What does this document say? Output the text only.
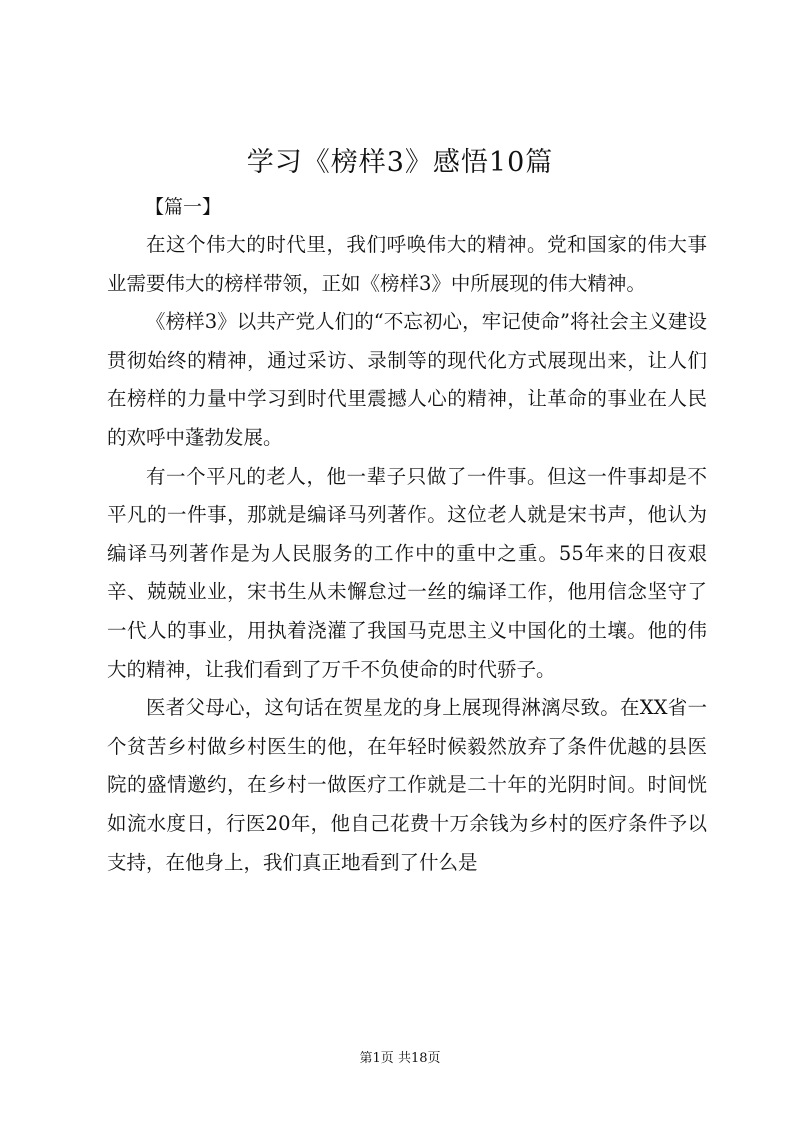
学习《榜样3》感悟10篇

【篇一】

在这个伟大的时代里，我们呼唤伟大的精神。党和国家的伟大事业需要伟大的榜样带领，正如《榜样3》中所展现的伟大精神。

《榜样3》以共产党人们的“不忘初心，牢记使命”将社会主义建设贯彻始终的精神，通过采访、录制等的现代化方式展现出来，让人们在榜样的力量中学习到时代里震撼人心的精神，让革命的事业在人民的欢呼中蓬勃发展。

有一个平凡的老人，他一辈子只做了一件事。但这一件事却是不平凡的一件事，那就是编译马列著作。这位老人就是宋书声，他认为编译马列著作是为人民服务的工作中的重中之重。55年来的日夜艰辛、兢兢业业，宋书生从未懈怠过一丝的编译工作，他用信念坚守了一代人的事业，用执着浇灌了我国马克思主义中国化的土壤。他的伟大的精神，让我们看到了万千不负使命的时代骄子。

医者父母心，这句话在贺星龙的身上展现得淋漓尽致。在XX省一个贫苦乡村做乡村医生的他，在年轻时候毅然放弃了条件优越的县医院的盛情邀约，在乡村一做医疗工作就是二十年的光阴时间。时间恍如流水度日，行医20年，他自己花费十万余钱为乡村的医疗条件予以支持，在他身上，我们真正地看到了什么是

第1页 共18页
